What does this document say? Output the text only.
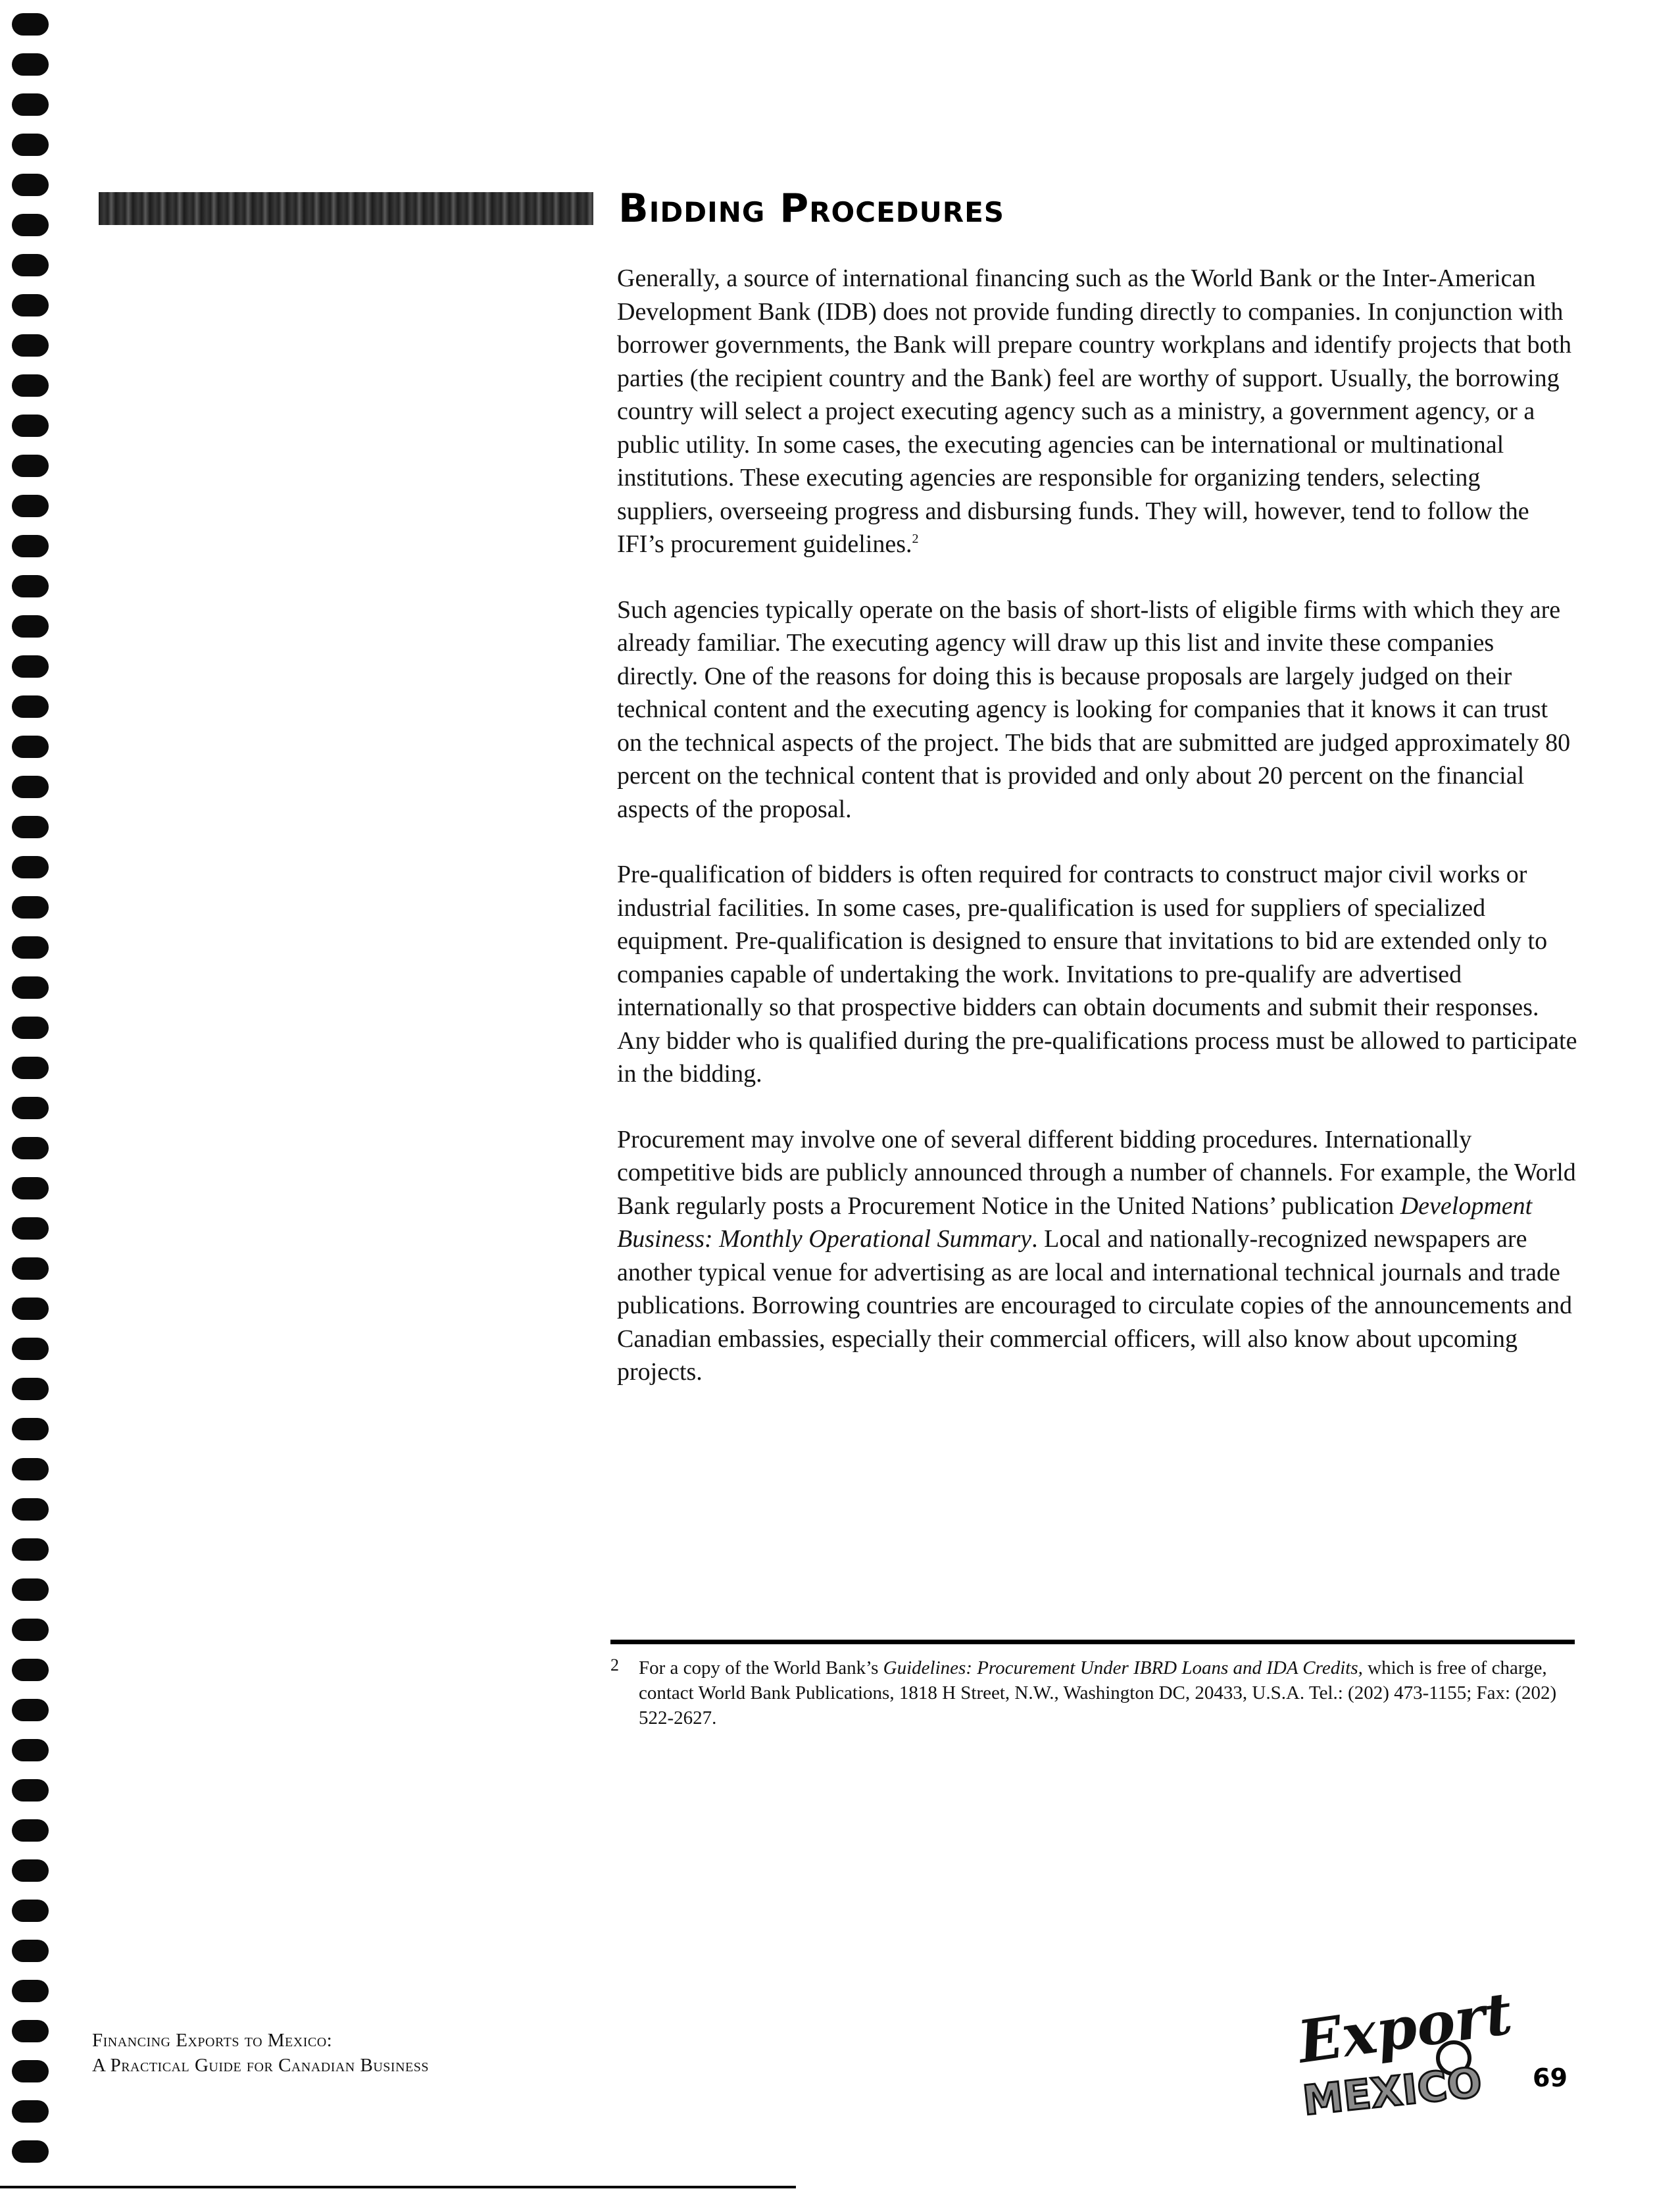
Bidding Procedures

Generally, a source of international financing such as the World Bank or the Inter-American Development Bank (IDB) does not provide funding directly to companies. In conjunction with borrower governments, the Bank will prepare country workplans and identify projects that both parties (the recipient country and the Bank) feel are worthy of support. Usually, the borrowing country will select a project executing agency such as a ministry, a government agency, or a public utility. In some cases, the executing agencies can be international or multinational institutions. These executing agencies are responsible for organizing tenders, selecting suppliers, overseeing progress and disbursing funds. They will, however, tend to follow the IFI’s procurement guidelines.$^2$

Such agencies typically operate on the basis of short-lists of eligible firms with which they are already familiar. The executing agency will draw up this list and invite these companies directly. One of the reasons for doing this is because proposals are largely judged on their technical content and the executing agency is looking for companies that it knows it can trust on the technical aspects of the project. The bids that are submitted are judged approximately 80 percent on the technical content that is provided and only about 20 percent on the financial aspects of the proposal.

Pre-qualification of bidders is often required for contracts to construct major civil works or industrial facilities. In some cases, pre-qualification is used for suppliers of specialized equipment. Pre-qualification is designed to ensure that invitations to bid are extended only to companies capable of undertaking the work. Invitations to pre-qualify are advertised internationally so that prospective bidders can obtain documents and submit their responses. Any bidder who is qualified during the pre-qualifications process must be allowed to participate in the bidding.

Procurement may involve one of several different bidding procedures. Internationally competitive bids are publicly announced through a number of channels. For example, the World Bank regularly posts a Procurement Notice in the United Nations’ publication Development Business: Monthly Operational Summary. Local and nationally-recognized newspapers are another typical venue for advertising as are local and international technical journals and trade publications. Borrowing countries are encouraged to circulate copies of the announcements and Canadian embassies, especially their commercial officers, will also know about upcoming projects.

2 For a copy of the World Bank’s Guidelines: Procurement Under IBRD Loans and IDA Credits, which is free of charge, contact World Bank Publications, 1818 H Street, N.W., Washington DC, 20433, U.S.A. Tel.: (202) 473-1155; Fax: (202) 522-2627.
Financing Exports to Mexico:
A Practical Guide for Canadian Business	Export
MEXICO 69
